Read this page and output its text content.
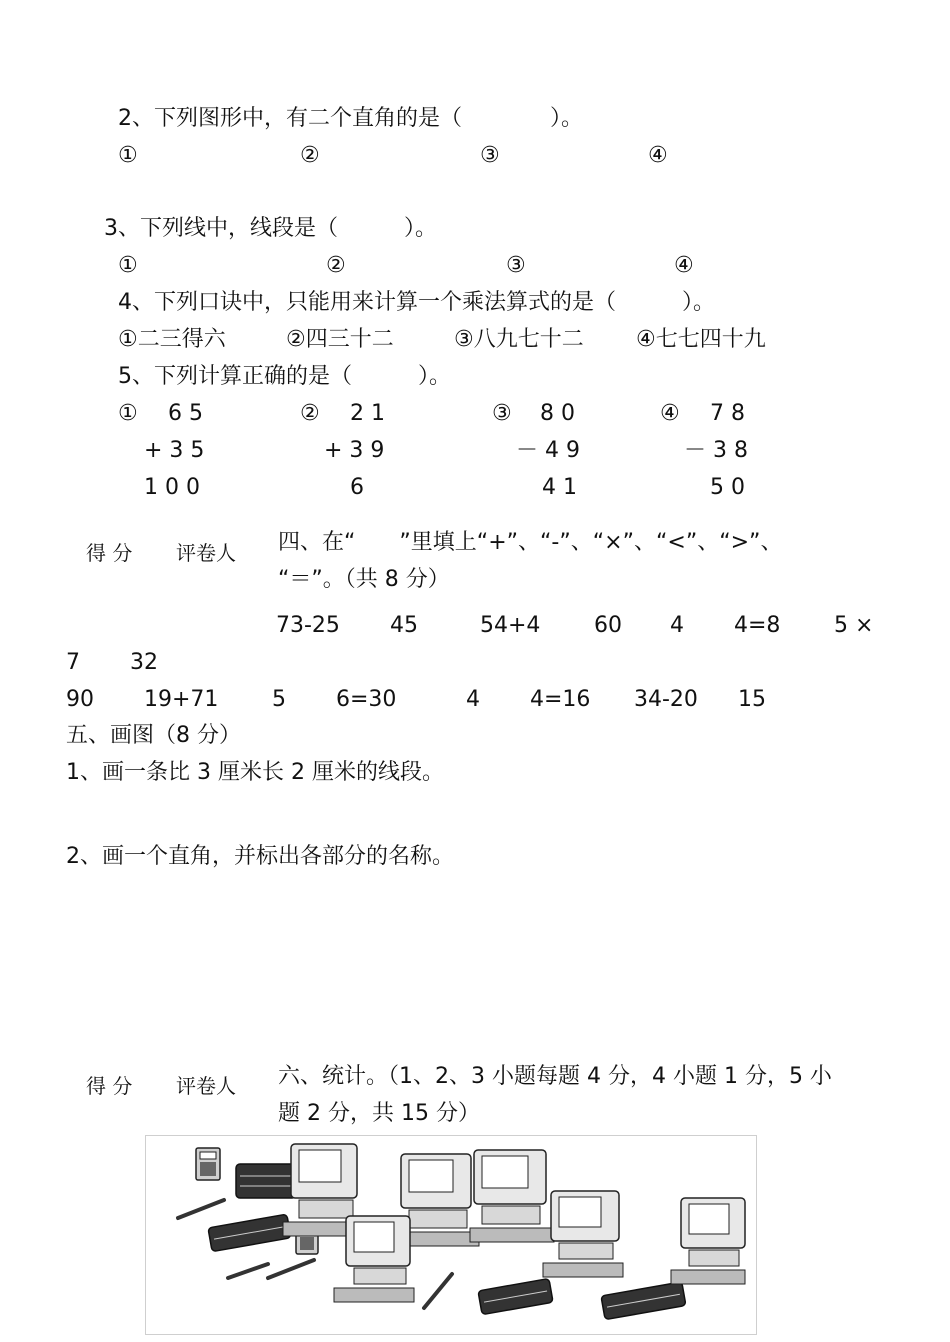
2、下列图形中，有二个直角的是（　　　　）。
①	②	③	④
3、下列线中，线段是（　　　）。
①	②	③	④
4、下列口诀中，只能用来计算一个乘法算式的是（　　　）。
①二三得六	②四三十二	③八九七十二 ④七七四十九
5、下列计算正确的是（　　　）。
① 6 5
+ 3 5
1 0 0
② 2 1
+ 3 9
6
③ 8 0
－ 4 9
4 1
④ 7 8
－ 3 8
5 0
得 分 评卷人 四、在“　　”里填上“+”、“-”、“×”、“<”、“>”、
“＝”。（共 8 分）
73-25 45	54+4 60 4 4=8 5 ×
7 32
90 19+71 5 6=30	4 4=16 34-20 15
五、画图（8 分）
1、画一条比 3 厘米长 2 厘米的线段。
2、画一个直角，并标出各部分的名称。
得 分 评卷人 六、统计。（1、2、3 小题每题 4 分，4 小题 1 分，5 小
题 2 分，共 15 分）
